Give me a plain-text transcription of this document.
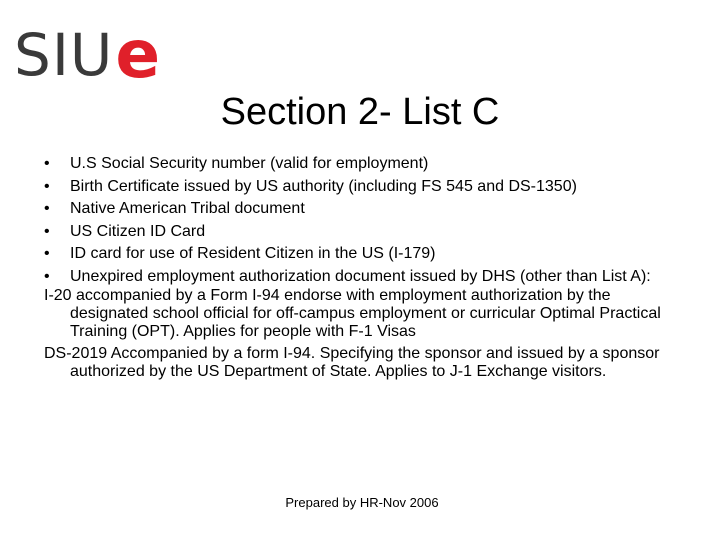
SIU e
Section 2- List C
• U.S Social Security number (valid for employment)
• Birth Certificate issued by US authority (including FS 545 and DS-1350)
• Native American Tribal document
• US Citizen ID Card
• ID card for use of Resident Citizen in the US (I-179)
• Unexpired employment authorization document issued by DHS (other than List A):

I-20 accompanied by a Form I-94 endorse with employment authorization by the designated school official for off-campus employment or curricular Optimal Practical Training (OPT). Applies for people with F-1 Visas

DS-2019 Accompanied by a form I-94. Specifying the sponsor and issued by a sponsor authorized by the US Department of State. Applies to J-1 Exchange visitors.

Prepared by HR-Nov 2006
